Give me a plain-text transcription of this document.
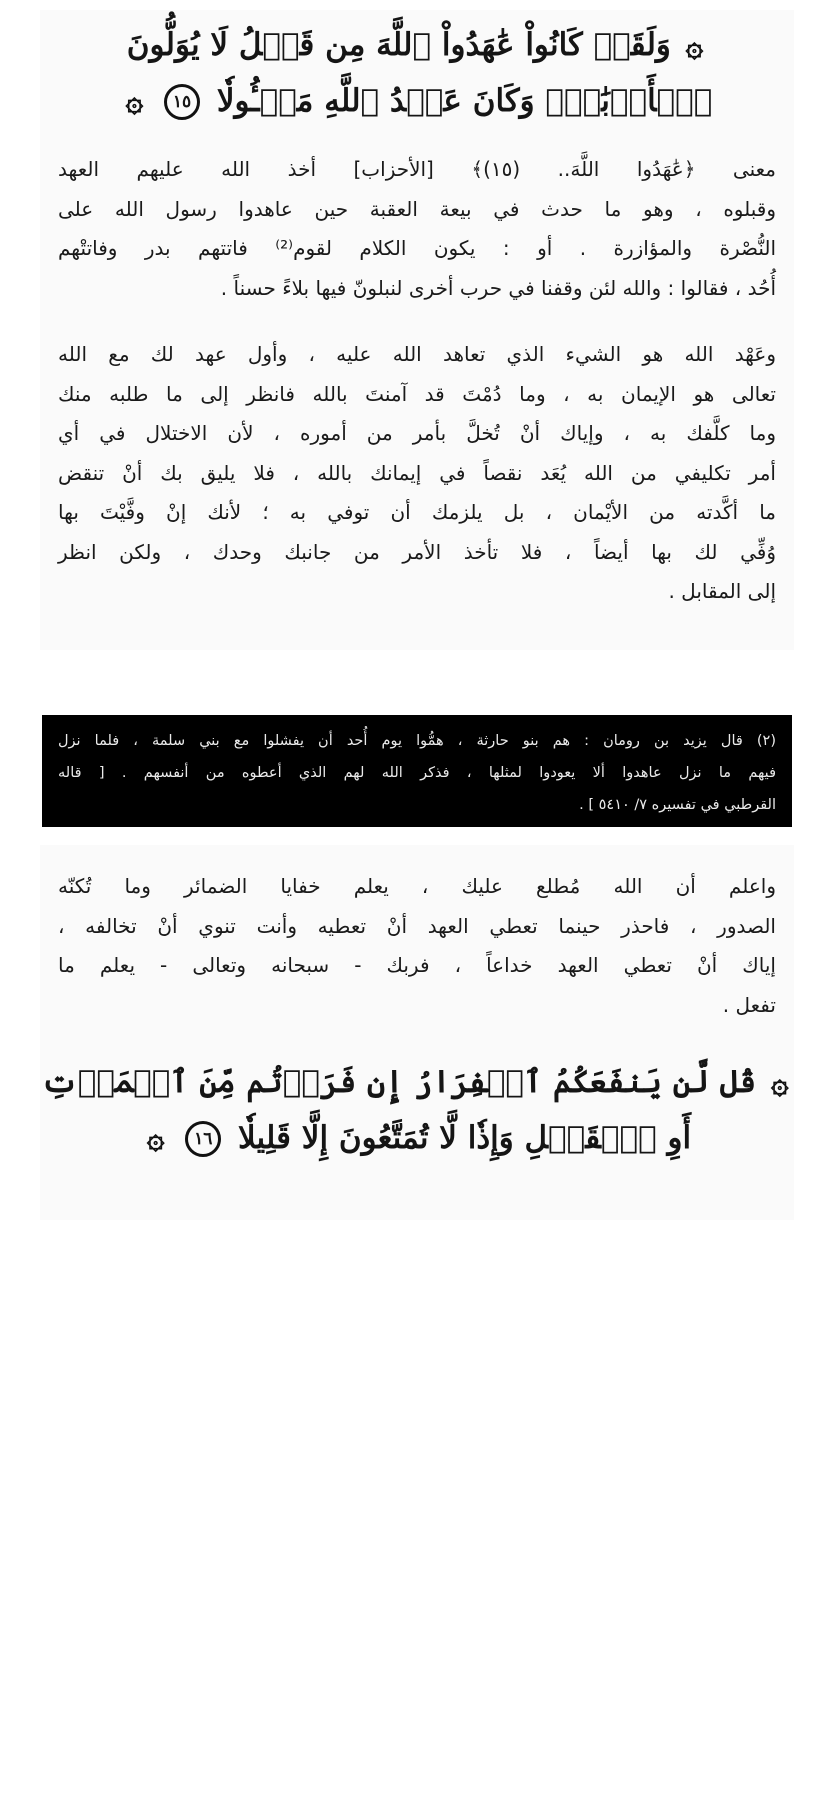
۞ وَلَقَدۡ كَانُواْ عَٰهَدُواْ ٱللَّهَ مِن قَبۡلُ لَا يُوَلُّونَ
ٱلۡأَدۡبَٰرَۚ وَكَانَ عَهۡدُ ٱللَّهِ مَسۡـُٔولٗا ١٥ ۞
معنى ﴿عَٰهَدُوا اللَّهَ.. (١٥)﴾ [الأحزاب] أخذ الله عليهم العهد
وقبلوه ، وهو ما حدث في بيعة العقبة حين عاهدوا رسول الله على
النُّصْرة والمؤازرة . أو : يكون الكلام لقوم⁽²⁾ فاتتهم بدر وفاتتْهم
أُحُد ، فقالوا : والله لئن وقفنا في حرب أخرى لنبلونّ فيها بلاءً حسناً .
وعَهْد الله هو الشيء الذي تعاهد الله عليه ، وأول عهد لك مع الله
تعالى هو الإيمان به ، وما دُمْتَ قد آمنتَ بالله فانظر إلى ما طلبه منك
وما كلَّفك به ، وإياك أنْ تُخلَّ بأمر من أموره ، لأن الاختلال في أي
أمر تكليفي من الله يُعَد نقصاً في إيمانك بالله ، فلا يليق بك أنْ تنقض
ما أكَّدته من الأيْمان ، بل يلزمك أن توفي به ؛ لأنك إنْ وفَّيْتَ بها
وُفِّي لك بها أيضاً ، فلا تأخذ الأمر من جانبك وحدك ، ولكن انظر
إلى المقابل .
(٢) قال يزيد بن رومان : هم بنو حارثة ، همُّوا يوم أُحد أن يفشلوا مع بني سلمة ، فلما نزل
فيهم ما نزل عاهدوا ألا يعودوا لمثلها ، فذكر الله لهم الذي أعطوه من أنفسهم . [ قاله
القرطبي في تفسيره ٧/ ٥٤١٠ ] .
واعلم أن الله مُطلع عليك ، يعلم خفايا الضمائر وما تُكنّه
الصدور ، فاحذر حينما تعطي العهد أنْ تعطيه وأنت تنوي أنْ تخالفه ،
إياك أنْ تعطي العهد خداعاً ، فربك - سبحانه وتعالى - يعلم ما
تفعل .
۞ قُل لَّن يَنفَعَكُمُ ٱلۡفِرَارُ إِن فَرَرۡتُم مِّنَ ٱلۡمَوۡتِ
أَوِ ٱلۡقَتۡلِ وَإِذٗا لَّا تُمَتَّعُونَ إِلَّا قَلِيلٗا ١٦ ۞
